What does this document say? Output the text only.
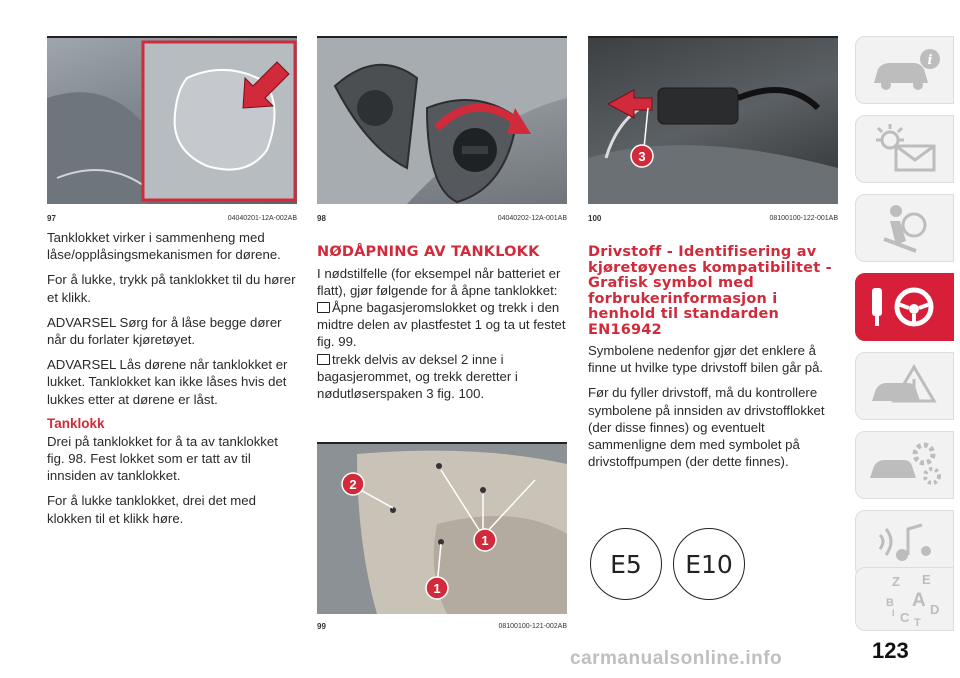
97	04040201-12A-002AB

Tanklokket virker i sammenheng med låse/opplåsingsmekanismen for dørene.

For å lukke, trykk på tanklokket til du hører et klikk.

ADVARSEL Sørg for å låse begge dører når du forlater kjøretøyet.

ADVARSEL Lås dørene når tanklokket er lukket. Tanklokket kan ikke låses hvis det lukkes etter at dørene er låst.

Tanklokk

Drei på tanklokket for å ta av tanklokket fig. 98. Fest lokket som er tatt av til innsiden av tanklokket.

For å lukke tanklokket, drei det med klokken til et klikk høre.

98	04040202-12A-001AB
NØDÅPNING AV TANKLOKK

I nødstilfelle (for eksempel når batteriet er flatt), gjør følgende for å åpne tanklokket:

Åpne bagasjeromslokket og trekk i den midtre delen av plastfestet 1 og ta ut festet fig. 99.

trekk delvis av deksel 2 inne i bagasjerommet, og trekk deretter i nødutløserspaken 3 fig. 100.

2
1
1
99	08100100-121-002AB
3
100	08100100-122-001AB
Drivstoff - Identifisering av kjøretøyenes kompatibilitet - Grafisk symbol med forbrukerinformasjon i henhold til standarden EN16942

Symbolene nedenfor gjør det enklere å finne ut hvilke type drivstoff bilen går på.

Før du fyller drivstoff, må du kontrollere symbolene på innsiden av drivstofflokket (der disse finnes) og eventuelt sammenligne dem med symbolet på drivstoffpumpen (der dette finnes).

E5 E10
i
Z E
B A
C T
D
I
123
carmanualsonline.info
